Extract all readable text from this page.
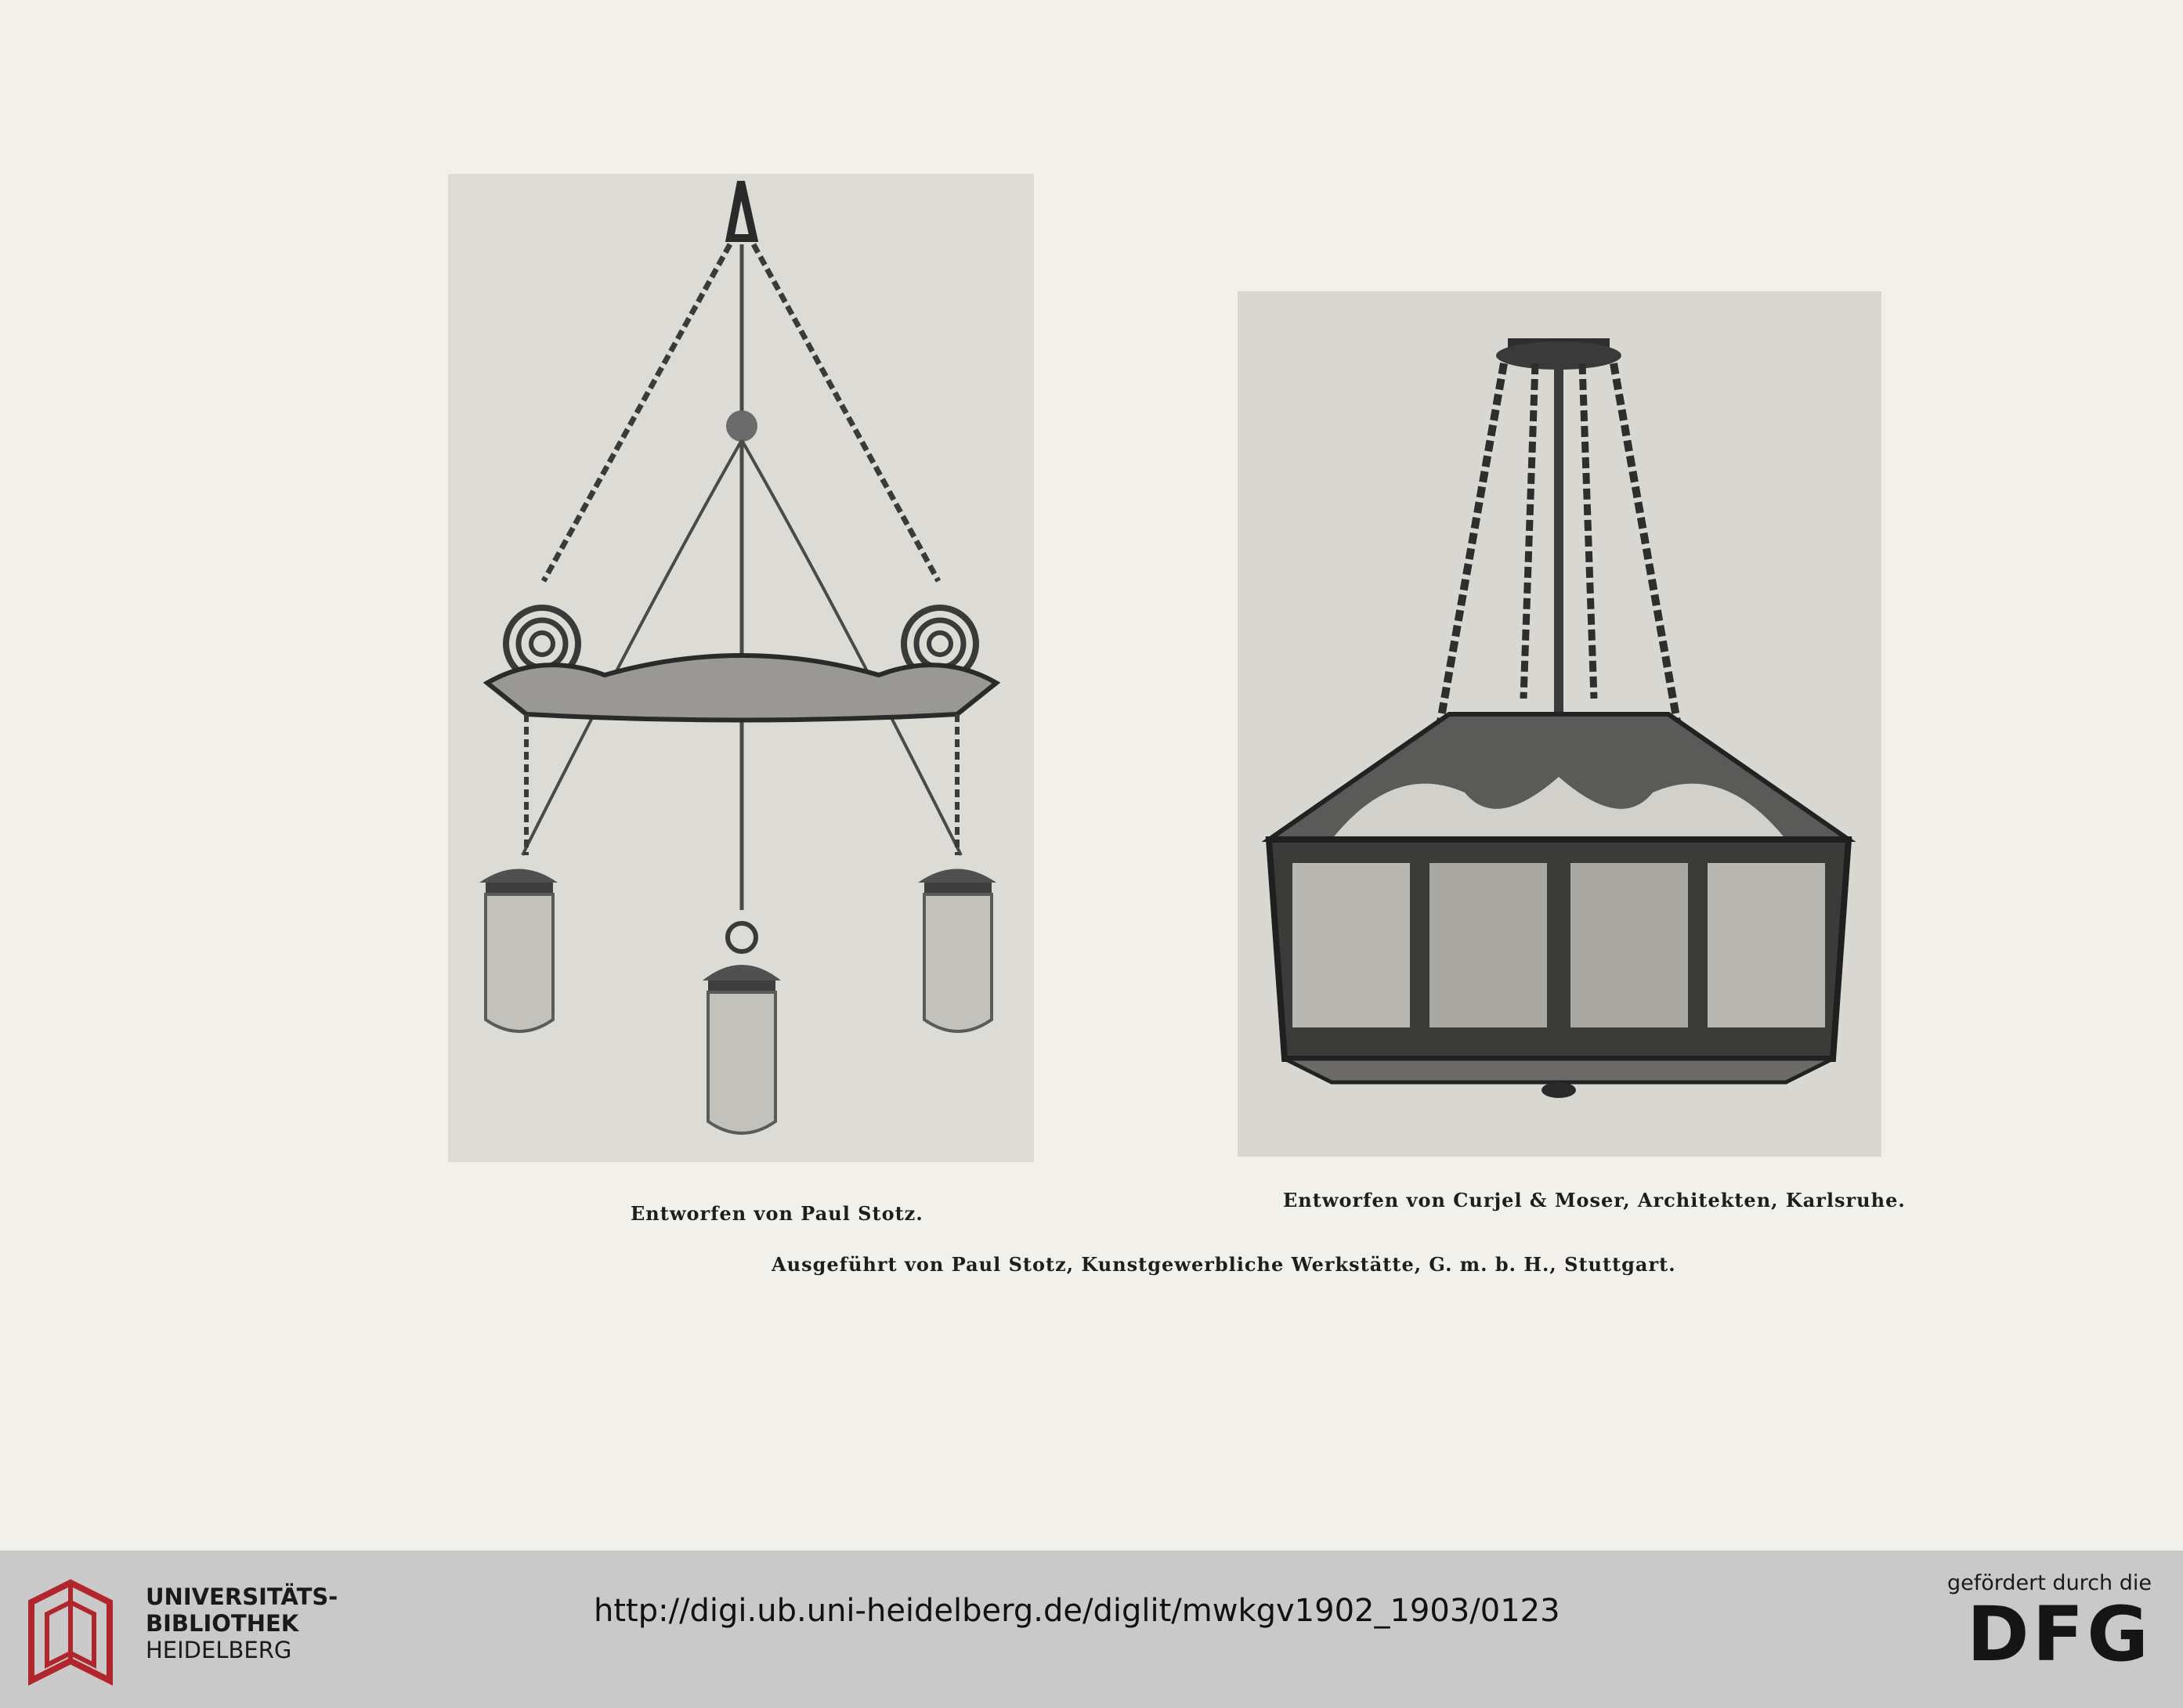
Entworfen von Paul Stotz.
Entworfen von Curjel & Moser, Architekten, Karlsruhe.
Ausgeführt von Paul Stotz, Kunstgewerbliche Werkstätte, G. m. b. H., Stuttgart.
UNIVERSITÄTS-
BIBLIOTHEK
HEIDELBERG
http://digi.ub.uni-heidelberg.de/diglit/mwkgv1902_1903/0123
gefördert durch die
DFG
